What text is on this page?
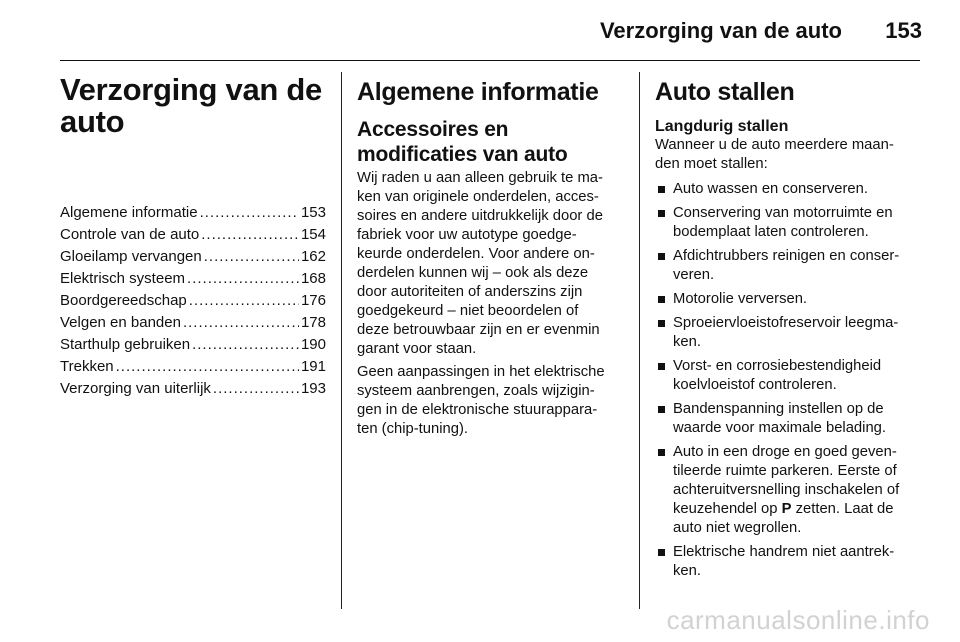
Verzorging van de auto 153
Verzorging van de auto
Algemene informatie .....	153
Controle van de auto .....	154
Gloeilamp vervangen .....	162
Elektrisch systeem .....	168
Boordgereedschap .....	176
Velgen en banden .....	178
Starthulp gebruiken .....	190
Trekken .....	191
Verzorging van uiterlijk .....	193
Algemene informatie
Accessoires en
modificaties van auto

Wij raden u aan alleen gebruik te ma-
ken van originele onderdelen, acces-
soires en andere uitdrukkelijk door de
fabriek voor uw autotype goedge-
keurde onderdelen. Voor andere on-
derdelen kunnen wij – ook als deze
door autoriteiten of anderszins zijn
goedgekeurd – niet beoordelen of
deze betrouwbaar zijn en er evenmin
garant voor staan.

Geen aanpassingen in het elektrische
systeem aanbrengen, zoals wijzigin-
gen in de elektronische stuurappara-
ten (chip-tuning).

Auto stallen
Langdurig stallen

Wanneer u de auto meerdere maan-
den moet stallen:

Auto wassen en conserveren.
Conservering van motorruimte en
bodemplaat laten controleren.
Afdichtrubbers reinigen en conser-
veren.
Motorolie verversen.
Sproeiervloeistofreservoir leegma-
ken.
Vorst- en corrosiebestendigheid
koelvloeistof controleren.
Bandenspanning instellen op de
waarde voor maximale belading.
Auto in een droge en goed geven-
tileerde ruimte parkeren. Eerste of
achteruitversnelling inschakelen of
keuzehendel op P zetten. Laat de
auto niet wegrollen.
Elektrische handrem niet aantrek-
ken.
carmanualsonline.info
